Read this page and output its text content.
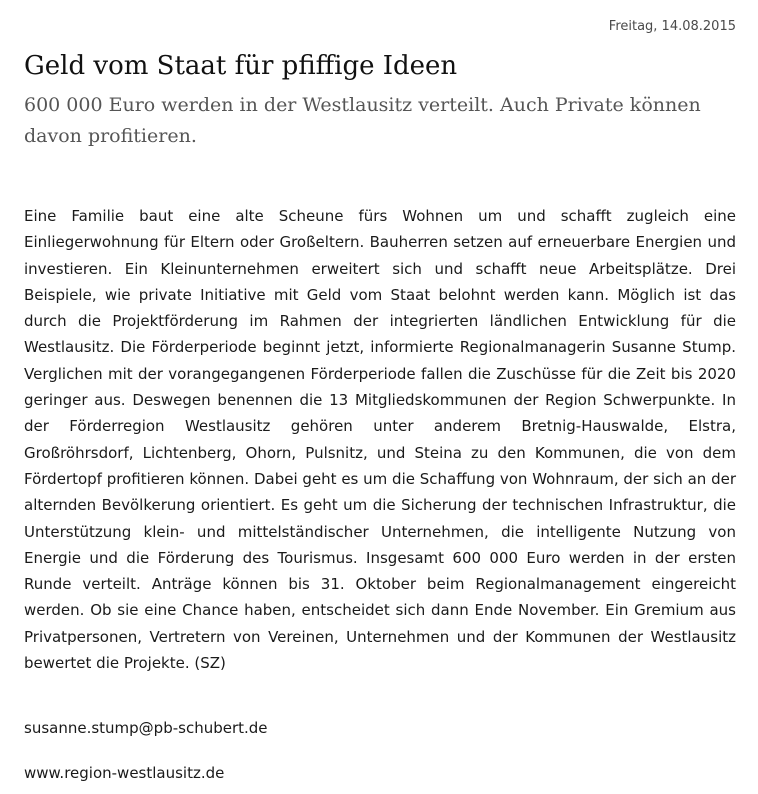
Freitag, 14.08.2015
Geld vom Staat für pfiffige Ideen
600 000 Euro werden in der Westlausitz verteilt. Auch Private können davon profitieren.

Eine Familie baut eine alte Scheune fürs Wohnen um und schafft zugleich eine Einliegerwohnung für Eltern oder Großeltern. Bauherren setzen auf erneuerbare Energien und investieren. Ein Kleinunternehmen erweitert sich und schafft neue Arbeitsplätze. Drei Beispiele, wie private Initiative mit Geld vom Staat belohnt werden kann. Möglich ist das durch die Projektförderung im Rahmen der integrierten ländlichen Entwicklung für die Westlausitz. Die Förderperiode beginnt jetzt, informierte Regionalmanagerin Susanne Stump. Verglichen mit der vorangegangenen Förderperiode fallen die Zuschüsse für die Zeit bis 2020 geringer aus. Deswegen benennen die 13 Mitgliedskommunen der Region Schwerpunkte. In der Förderregion Westlausitz gehören unter anderem Bretnig-Hauswalde, Elstra, Großröhrsdorf, Lichtenberg, Ohorn, Pulsnitz, und Steina zu den Kommunen, die von dem Fördertopf profitieren können. Dabei geht es um die Schaffung von Wohnraum, der sich an der alternden Bevölkerung orientiert. Es geht um die Sicherung der technischen Infrastruktur, die Unterstützung klein- und mittelständischer Unternehmen, die intelligente Nutzung von Energie und die Förderung des Tourismus. Insgesamt 600 000 Euro werden in der ersten Runde verteilt. Anträge können bis 31. Oktober beim Regionalmanagement eingereicht werden. Ob sie eine Chance haben, entscheidet sich dann Ende November. Ein Gremium aus Privatpersonen, Vertretern von Vereinen, Unternehmen und der Kommunen der Westlausitz bewertet die Projekte. (SZ)

susanne.stump@pb-schubert.de
www.region-westlausitz.de
